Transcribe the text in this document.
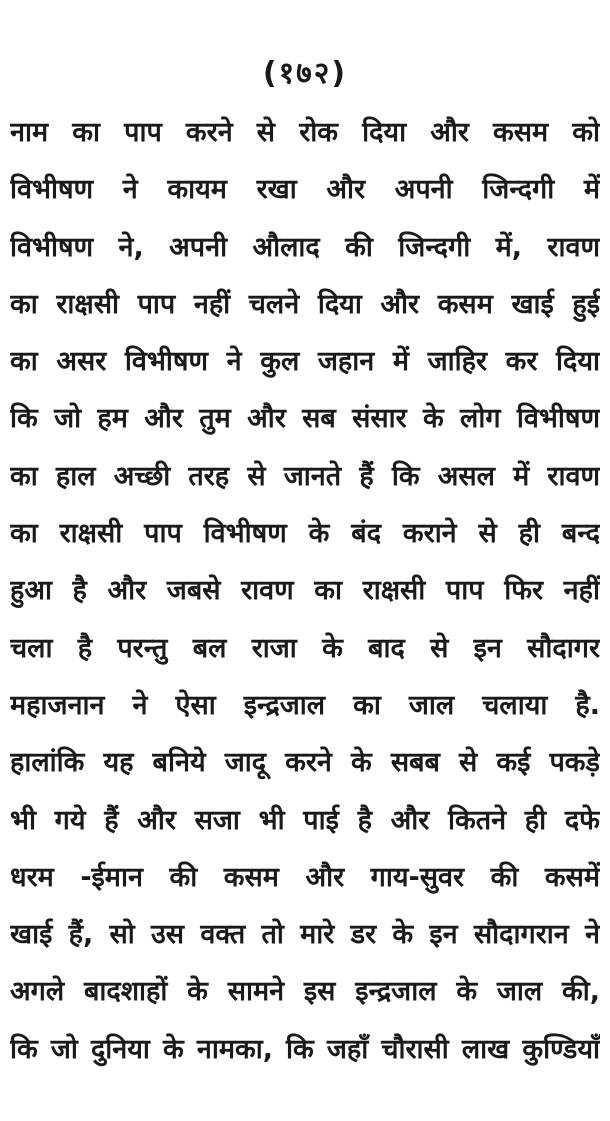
(१७२)
नाम का पाप करने से रोक दिया और कसम को
विभीषण ने कायम रखा और अपनी जिन्दगी में
विभीषण ने, अपनी औलाद की जिन्दगी में, रावण
का राक्षसी पाप नहीं चलने दिया और कसम खाई हुई
का असर विभीषण ने कुल जहान में जाहिर कर दिया
कि जो हम और तुम और सब संसार के लोग विभीषण
का हाल अच्छी तरह से जानते हैं कि असल में रावण
का राक्षसी पाप विभीषण के बंद कराने से ही बन्द
हुआ है और जबसे रावण का राक्षसी पाप फिर नहीं
चला है परन्तु बल राजा के बाद से इन सौदागर
महाजनान ने ऐसा इन्द्रजाल का जाल चलाया है.
हालांकि यह बनिये जादू करने के सबब से कई पकड़े
भी गये हैं और सजा भी पाई है और कितने ही दफे
धरम -ईमान की कसम और गाय-सुवर की कसमें
खाई हैं, सो उस वक्त तो मारे डर के इन सौदागरान ने
अगले बादशाहों के सामने इस इन्द्रजाल के जाल की,
कि जो दुनिया के नामका, कि जहाँ चौरासी लाख कुण्डियाँ
